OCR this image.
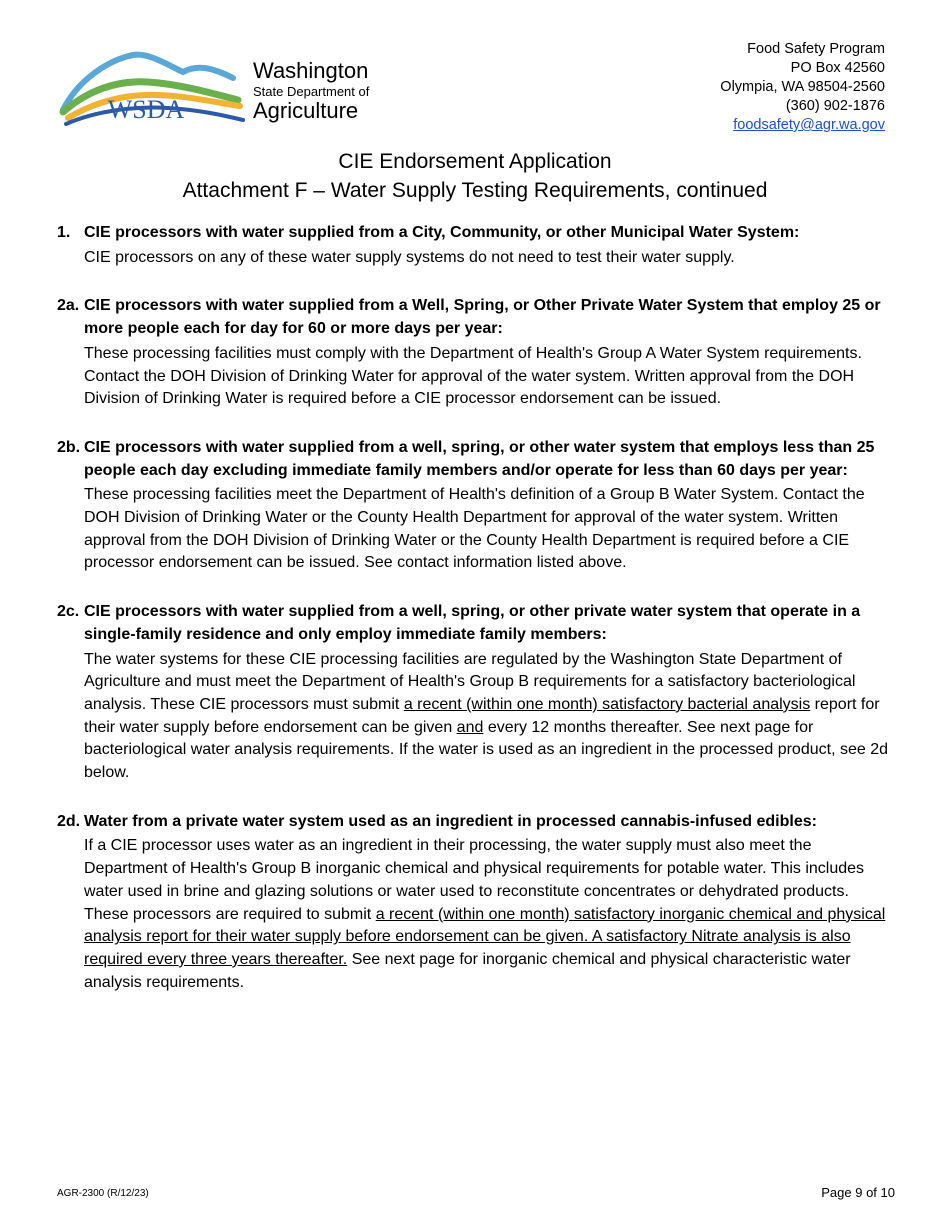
WSDA
Washington
State Department of
Agriculture
Food Safety Program
PO Box 42560
Olympia, WA 98504-2560
(360) 902-1876
foodsafety@agr.wa.gov
CIE Endorsement Application
Attachment F – Water Supply Testing Requirements, continued
1. CIE processors with water supplied from a City, Community, or other Municipal Water System:
CIE processors on any of these water supply systems do not need to test their water supply.
2a. CIE processors with water supplied from a Well, Spring, or Other Private Water System that employ 25 or more people each for day for 60 or more days per year:
These processing facilities must comply with the Department of Health's Group A Water System requirements. Contact the DOH Division of Drinking Water for approval of the water system. Written approval from the DOH Division of Drinking Water is required before a CIE processor endorsement can be issued.
2b. CIE processors with water supplied from a well, spring, or other water system that employs less than 25 people each day excluding immediate family members and/or operate for less than 60 days per year:
These processing facilities meet the Department of Health's definition of a Group B Water System. Contact the DOH Division of Drinking Water or the County Health Department for approval of the water system. Written approval from the DOH Division of Drinking Water or the County Health Department is required before a CIE processor endorsement can be issued. See contact information listed above.
2c. CIE processors with water supplied from a well, spring, or other private water system that operate in a single-family residence and only employ immediate family members:
The water systems for these CIE processing facilities are regulated by the Washington State Department of Agriculture and must meet the Department of Health's Group B requirements for a satisfactory bacteriological analysis. These CIE processors must submit a recent (within one month) satisfactory bacterial analysis report for their water supply before endorsement can be given and every 12 months thereafter. See next page for bacteriological water analysis requirements. If the water is used as an ingredient in the processed product, see 2d below.
2d. Water from a private water system used as an ingredient in processed cannabis-infused edibles:
If a CIE processor uses water as an ingredient in their processing, the water supply must also meet the Department of Health's Group B inorganic chemical and physical requirements for potable water. This includes water used in brine and glazing solutions or water used to reconstitute concentrates or dehydrated products. These processors are required to submit a recent (within one month) satisfactory inorganic chemical and physical analysis report for their water supply before endorsement can be given. A satisfactory Nitrate analysis is also required every three years thereafter. See next page for inorganic chemical and physical characteristic water analysis requirements.
AGR-2300 (R/12/23)	Page 9 of 10
